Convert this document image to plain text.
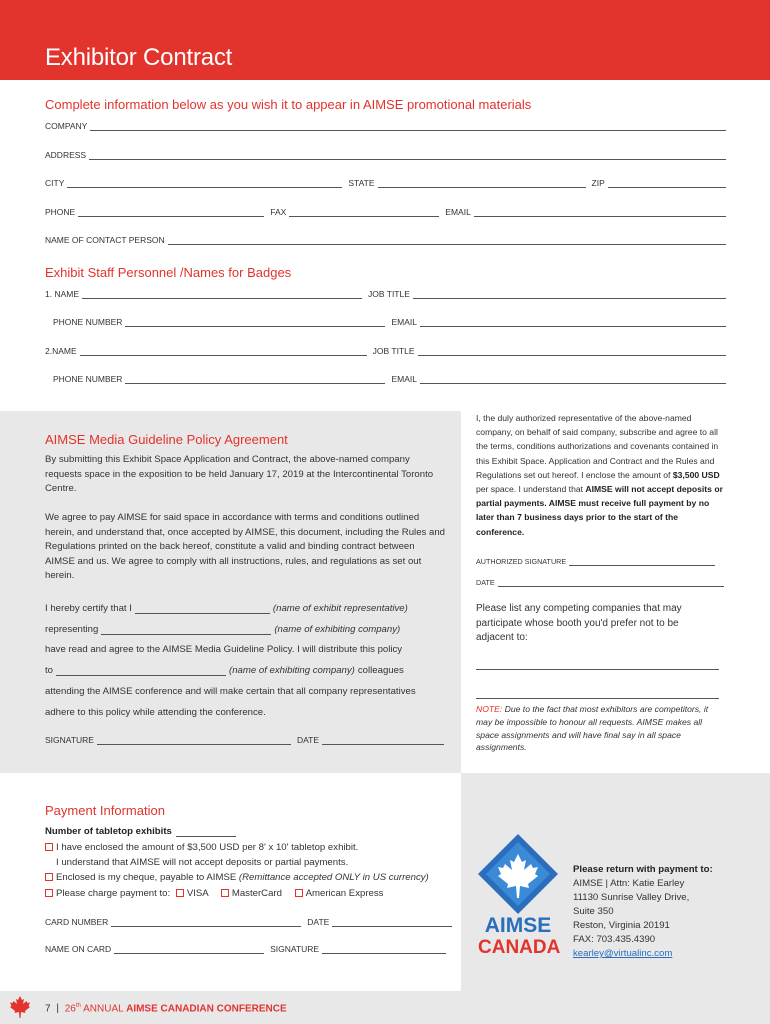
Exhibitor Contract
Complete information below as you wish it to appear in AIMSE promotional materials
COMPANY
ADDRESS
CITY	STATE	ZIP
PHONE	FAX	EMAIL
NAME OF CONTACT PERSON
Exhibit Staff Personnel /Names for Badges
1. NAME	JOB TITLE
PHONE NUMBER	EMAIL
2.NAME	JOB TITLE
PHONE NUMBER	EMAIL
AIMSE Media Guideline Policy Agreement
By submitting this Exhibit Space Application and Contract, the above-named company requests space in the exposition to be held January 17, 2019 at the Intercontinental Toronto Centre.
We agree to pay AIMSE for said space in accordance with terms and conditions outlined herein, and understand that, once accepted by AIMSE, this document, including the Rules and Regulations printed on the back hereof, constitute a valid and binding contract between AIMSE and us. We agree to comply with all instructions, rules, and regulations as set out herein.
I hereby certify that I	(name of exhibit representative)
representing	(name of exhibiting company)
have read and agree to the AIMSE Media Guideline Policy. I will distribute this policy
to	(name of exhibiting company) colleagues
attending the AIMSE conference and will make certain that all company representatives
adhere to this policy while attending the conference.
SIGNATURE	DATE
I, the duly authorized representative of the above-named company, on behalf of said company, subscribe and agree to all the terms, conditions authorizations and covenants contained in this Exhibit Space. Application and Contract and the Rules and Regulations set out hereof. I enclose the amount of $3,500 USD per space. I understand that AIMSE will not accept deposits or partial payments. AIMSE must receive full payment by no later than 7 business days prior to the start of the conference.
AUTHORIZED SIGNATURE
DATE
Please list any competing companies that may participate whose booth you'd prefer not to be adjacent to:
NOTE: Due to the fact that most exhibitors are competitors, it may be impossible to honour all requests. AIMSE makes all space assignments and will have final say in all space assignments.
Payment Information
Number of tabletop exhibits
I have enclosed the amount of $3,500 USD per 8' x 10' tabletop exhibit.
I understand that AIMSE will not accept deposits or partial payments.
Enclosed is my cheque, payable to AIMSE (Remittance accepted ONLY in US currency)
Please charge payment to: VISA MasterCard American Express
CARD NUMBER	DATE
NAME ON CARD	SIGNATURE
AIMSE
CANADA
Please return with payment to:
AIMSE | Attn: Katie Earley
11130 Sunrise Valley Drive,
Suite 350
Reston, Virginia 20191
FAX: 703.435.4390
kearley@virtualinc.com
7 | 26th ANNUAL AIMSE CANADIAN CONFERENCE
